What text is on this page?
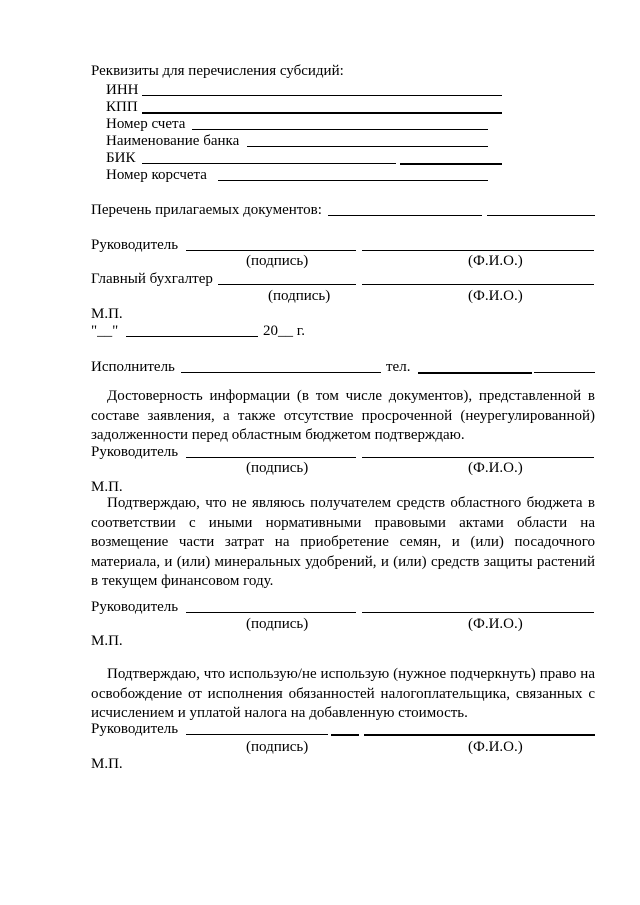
Реквизиты для перечисления субсидий:
ИНН
КПП
Номер счета
Наименование банка
БИК
Номер корсчета
Перечень прилагаемых документов:
Руководитель
(подпись)	(Ф.И.О.)
Главный бухгалтер
(подпись)	(Ф.И.О.)
М.П.
"__"	20__ г.
Исполнитель	тел.
Достоверность информации (в том числе документов), представленной в составе заявления, а также отсутствие просроченной (неурегулированной) задолженности перед областным бюджетом подтверждаю.
Руководитель
(подпись)	(Ф.И.О.)
М.П.
Подтверждаю, что не являюсь получателем средств областного бюджета в соответствии с иными нормативными правовыми актами области на возмещение части затрат на приобретение семян, и (или) посадочного материала, и (или) минеральных удобрений, и (или) средств защиты растений в текущем финансовом году.
Руководитель
(подпись)	(Ф.И.О.)
М.П.
Подтверждаю, что использую/не использую (нужное подчеркнуть) право на освобождение от исполнения обязанностей налогоплательщика, связанных с исчислением и уплатой налога на добавленную стоимость.
Руководитель
(подпись)	(Ф.И.О.)
М.П.
